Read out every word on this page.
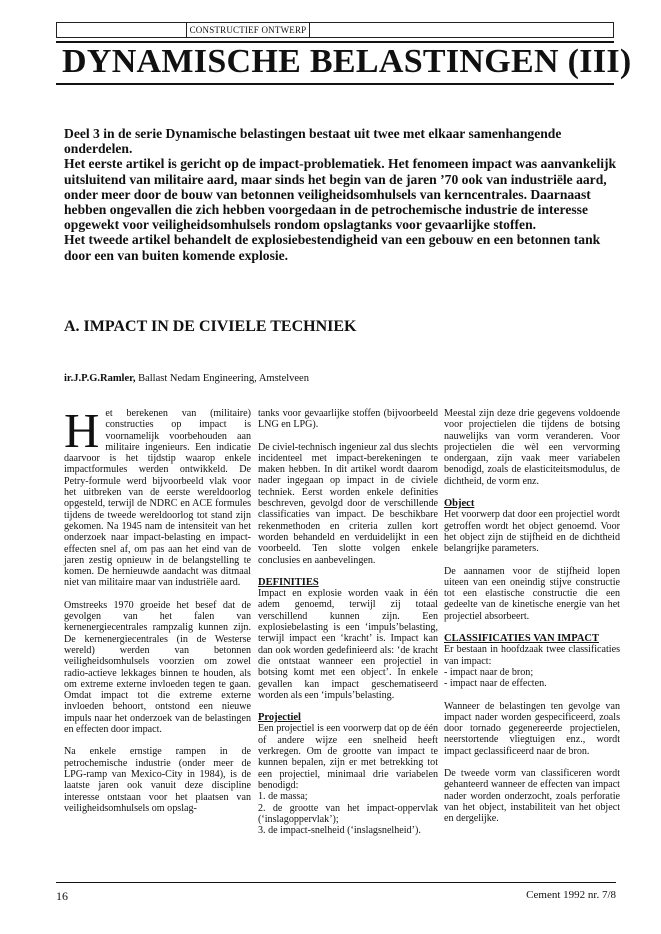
CONSTRUCTIEF ONTWERP
DYNAMISCHE BELASTINGEN (III)

Deel 3 in de serie Dynamische belastingen bestaat uit twee met elkaar samenhangende onderdelen.

Het eerste artikel is gericht op de impact-problematiek. Het fenomeen impact was aanvankelijk uitsluitend van militaire aard, maar sinds het begin van de jaren ’70 ook van industriële aard, onder meer door de bouw van betonnen veiligheidsomhulsels van kerncentrales. Daarnaast hebben ongevallen die zich hebben voorgedaan in de petrochemische industrie de interesse opgewekt voor veiligheidsomhulsels rondom opslagtanks voor gevaarlijke stoffen.

Het tweede artikel behandelt de explosiebestendigheid van een gebouw en een betonnen tank door een van buiten komende explosie.

A. IMPACT IN DE CIVIELE TECHNIEK
ir.J.P.G.Ramler, Ballast Nedam Engineering, Amstelveen

Het berekenen van (militaire) constructies op impact is voornamelijk voorbehouden aan militaire ingenieurs. Een indicatie daarvoor is het tijdstip waarop enkele impactformules werden ontwikkeld. De Petry-formule werd bijvoorbeeld vlak voor het uitbreken van de eerste wereldoorlog opgesteld, terwijl de NDRC en ACE formules tijdens de tweede wereldoorlog tot stand zijn gekomen. Na 1945 nam de intensiteit van het onderzoek naar impact-belasting en impact-effecten snel af, om pas aan het eind van de jaren zestig opnieuw in de belangstelling te komen. De hernieuwde aandacht was ditmaal niet van militaire maar van industriële aard.

Omstreeks 1970 groeide het besef dat de gevolgen van het falen van kernenergiecentrales rampzalig kunnen zijn. De kernenergiecentrales (in de Westerse wereld) werden van betonnen veiligheidsomhulsels voorzien om zowel radio-actieve lekkages binnen te houden, als om extreme externe invloeden tegen te gaan. Omdat impact tot die extreme externe invloeden behoort, ontstond een nieuwe impuls naar het onderzoek van de belastingen en effecten door impact.

Na enkele ernstige rampen in de petrochemische industrie (onder meer de LPG-ramp van Mexico-City in 1984), is de laatste jaren ook vanuit deze discipline interesse ontstaan voor het plaatsen van veiligheidsomhulsels om opslag-

tanks voor gevaarlijke stoffen (bijvoorbeeld LNG en LPG).

De civiel-technisch ingenieur zal dus slechts incidenteel met impact-berekeningen te maken hebben. In dit artikel wordt daarom nader ingegaan op impact in de civiele techniek. Eerst worden enkele definities beschreven, gevolgd door de verschillende classificaties van impact. De beschikbare rekenmethoden en criteria zullen kort worden behandeld en verduidelijkt in een voorbeeld. Ten slotte volgen enkele conclusies en aanbevelingen.

DEFINITIES

Impact en explosie worden vaak in één adem genoemd, terwijl zij totaal verschillend kunnen zijn. Een explosiebelasting is een ‘impuls’belasting, terwijl impact een ‘kracht’ is. Impact kan dan ook worden gedefinieerd als: ‘de kracht die ontstaat wanneer een projectiel in botsing komt met een object’. In enkele gevallen kan impact geschematiseerd worden als een ‘impuls’belasting.

Projectiel

Een projectiel is een voorwerp dat op de één of andere wijze een snelheid heeft verkregen. Om de grootte van impact te kunnen bepalen, zijn er met betrekking tot een projectiel, minimaal drie variabelen benodigd:

1. de massa;
2. de grootte van het impact-oppervlak (‘inslagoppervlak’);
3. de impact-snelheid (‘inslagsnelheid’).

Meestal zijn deze drie gegevens voldoende voor projectielen die tijdens de botsing nauwelijks van vorm veranderen. Voor projectielen die wèl een vervorming ondergaan, zijn vaak meer variabelen benodigd, zoals de elasticiteitsmodulus, de dichtheid, de vorm enz.

Object

Het voorwerp dat door een projectiel wordt getroffen wordt het object genoemd. Voor het object zijn de stijfheid en de dichtheid belangrijke parameters.

De aannamen voor de stijfheid lopen uiteen van een oneindig stijve constructie tot een elastische constructie die een gedeelte van de kinetische energie van het projectiel absorbeert.

CLASSIFICATIES VAN IMPACT

Er bestaan in hoofdzaak twee classificaties van impact:

- impact naar de bron;
- impact naar de effecten.

Wanneer de belastingen ten gevolge van impact nader worden gespecificeerd, zoals door tornado gegenereerde projectielen, neerstortende vliegtuigen enz., wordt impact geclassificeerd naar de bron.

De tweede vorm van classificeren wordt gehanteerd wanneer de effecten van impact nader worden onderzocht, zoals perforatie van het object, instabiliteit van het object en dergelijke.

16	Cement 1992 nr. 7/8
